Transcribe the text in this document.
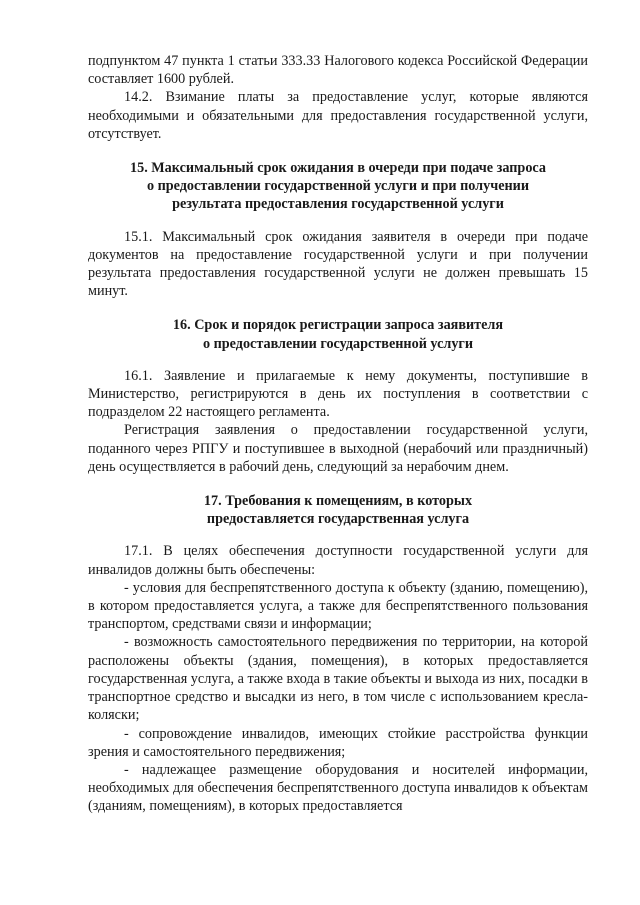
подпунктом 47 пункта 1 статьи 333.33 Налогового кодекса Российской Федерации составляет 1600 рублей.

14.2. Взимание платы за предоставление услуг, которые являются необходимыми и обязательными для предоставления государственной услуги, отсутствует.

15. Максимальный срок ожидания в очереди при подаче запроса

о предоставлении государственной услуги и при получении

результата предоставления государственной услуги

15.1. Максимальный срок ожидания заявителя в очереди при подаче документов на предоставление государственной услуги и при получении результата предоставления государственной услуги не должен превышать 15 минут.

16. Срок и порядок регистрации запроса заявителя

о предоставлении государственной услуги

16.1. Заявление и прилагаемые к нему документы, поступившие в Министерство, регистрируются в день их поступления в соответствии с подразделом 22 настоящего регламента.

Регистрация заявления о предоставлении государственной услуги, поданного через РПГУ и поступившее в выходной (нерабочий или праздничный) день осуществляется в рабочий день, следующий за нерабочим днем.

17. Требования к помещениям, в которых

предоставляется государственная услуга

17.1. В целях обеспечения доступности государственной услуги для инвалидов должны быть обеспечены:

- условия для беспрепятственного доступа к объекту (зданию, помещению), в котором предоставляется услуга, а также для беспрепятственного пользования транспортом, средствами связи и информации;

- возможность самостоятельного передвижения по территории, на которой расположены объекты (здания, помещения), в которых предоставляется государственная услуга, а также входа в такие объекты и выхода из них, посадки в транспортное средство и высадки из него, в том числе с использованием кресла-коляски;

- сопровождение инвалидов, имеющих стойкие расстройства функции зрения и самостоятельного передвижения;

- надлежащее размещение оборудования и носителей информации, необходимых для обеспечения беспрепятственного доступа инвалидов к объектам (зданиям, помещениям), в которых предоставляется
